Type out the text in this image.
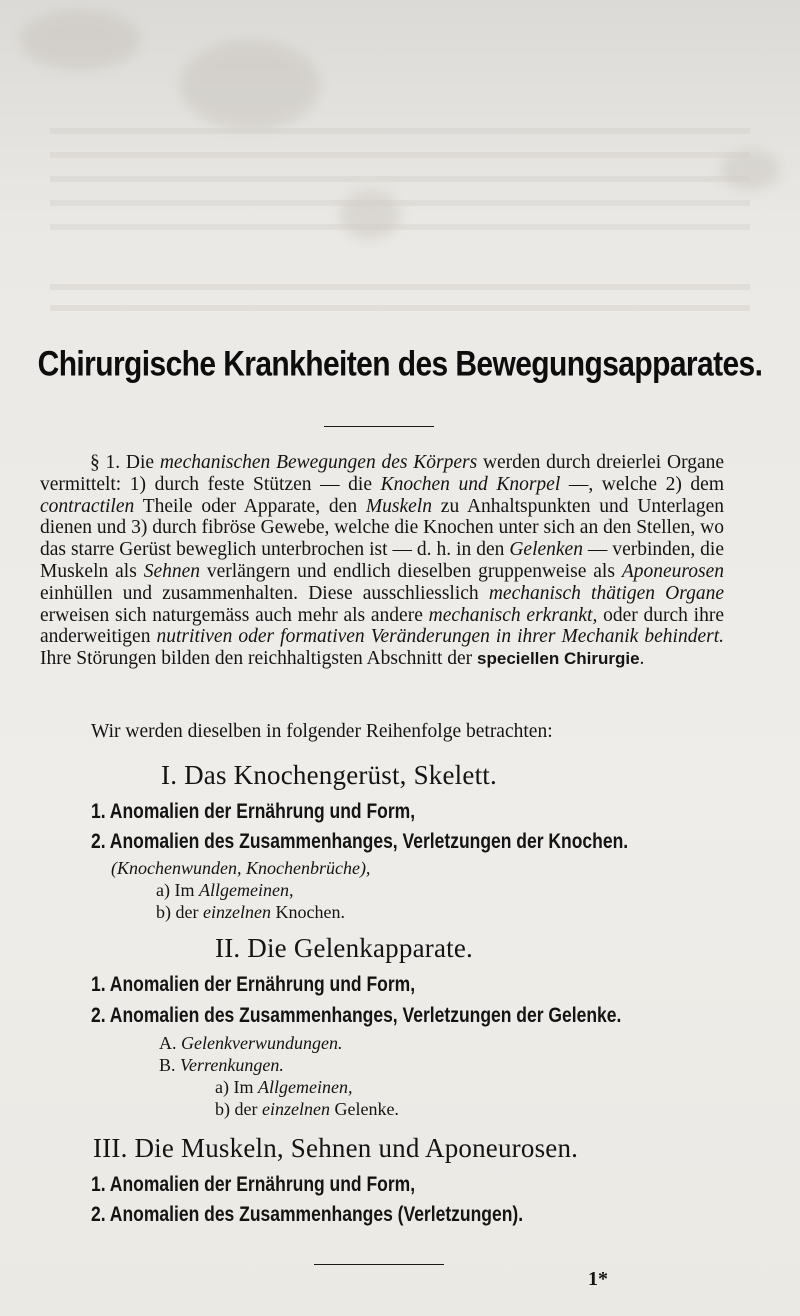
Chirurgische Krankheiten des Bewegungsapparates.

§ 1. Die mechanischen Bewegungen des Körpers werden durch dreierlei Organe vermittelt: 1) durch feste Stützen — die Knochen und Knorpel —, welche 2) dem contractilen Theile oder Apparate, den Muskeln zu Anhaltspunkten und Unterlagen dienen und 3) durch fibröse Gewebe, welche die Knochen unter sich an den Stellen, wo das starre Gerüst beweglich unterbrochen ist — d. h. in den Gelenken — verbinden, die Muskeln als Sehnen verlängern und endlich dieselben gruppenweise als Aponeurosen einhüllen und zusammenhalten. Diese ausschliesslich mechanisch thätigen Organe erweisen sich naturgemäss auch mehr als andere mechanisch erkrankt, oder durch ihre anderweitigen nutritiven oder formativen Veränderungen in ihrer Mechanik behindert. Ihre Störungen bilden den reichhaltigsten Abschnitt der speciellen Chirurgie.

Wir werden dieselben in folgender Reihenfolge betrachten:
I. Das Knochengerüst, Skelett.
1. Anomalien der Ernährung und Form,
2. Anomalien des Zusammenhanges, Verletzungen der Knochen.
(Knochenwunden, Knochenbrüche),
a) Im Allgemeinen,
b) der einzelnen Knochen.
II. Die Gelenkapparate.
1. Anomalien der Ernährung und Form,
2. Anomalien des Zusammenhanges, Verletzungen der Gelenke.
A. Gelenkverwundungen.
B. Verrenkungen.
a) Im Allgemeinen,
b) der einzelnen Gelenke.
III. Die Muskeln, Sehnen und Aponeurosen.
1. Anomalien der Ernährung und Form,
2. Anomalien des Zusammenhanges (Verletzungen).
1*
